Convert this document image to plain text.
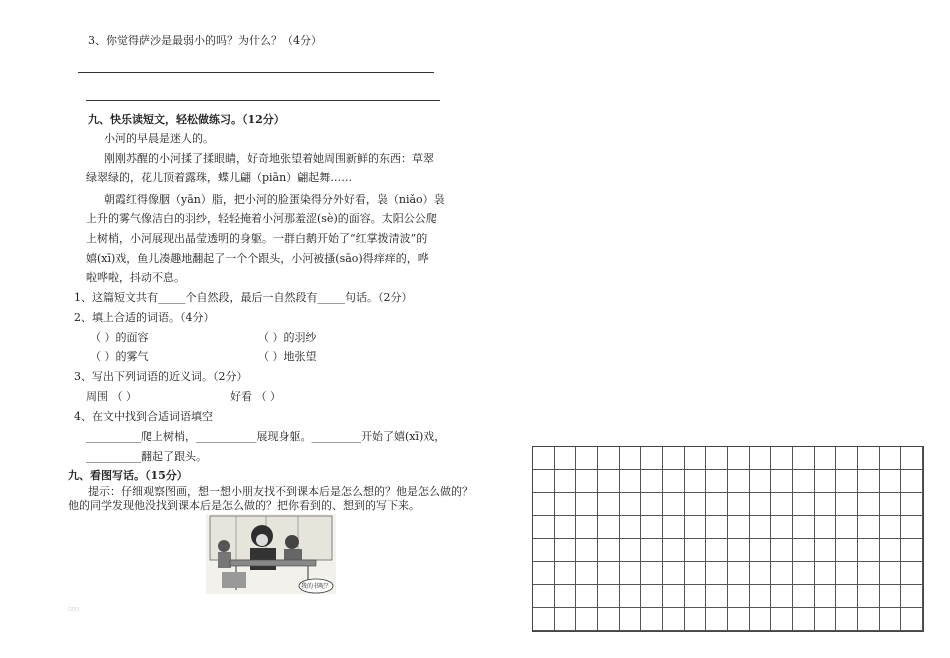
3、你觉得萨沙是最弱小的吗？为什么？（4分）
九、快乐读短文，轻松做练习。（12分）
小河的早晨是迷人的。
刚刚苏醒的小河揉了揉眼睛，好奇地张望着她周围新鲜的东西：草翠
绿翠绿的，花儿顶着露珠，蝶儿翩（piān）翩起舞……
朝霞红得像胭（yān）脂，把小河的脸蛋染得分外好看，袅（niǎo）袅
上升的雾气像洁白的羽纱，轻轻掩着小河那羞涩(sè)的面容。太阳公公爬
上树梢，小河展现出晶莹透明的身躯。一群白鹅开始了“红掌拨清波”的
嬉(xī)戏，鱼儿凑趣地翻起了一个个跟头，小河被搔(sāo)得痒痒的，哗
啦哗啦，抖动不息。
1、这篇短文共有_____个自然段，最后一自然段有_____句话。（2分）
2、填上合适的词语。（4分）
（ ）的面容	（ ）的羽纱
（ ）的雾气	（ ）地张望
3、写出下列词语的近义词。（2分）
周围 （ ）	好看 （ ）
4、在文中找到合适词语填空
__________爬上树梢，___________展现身躯。_________开始了嬉(xī)戏，
__________翻起了跟头。
九、看图写话。（15分）
提示：仔细观察图画，想一想小朋友找不到课本后是怎么想的？他是怎么做的？
他的同学发现他没找到课本后是怎么做的？把你看到的、想到的写下来。
我的书呢？
▢▢▢
